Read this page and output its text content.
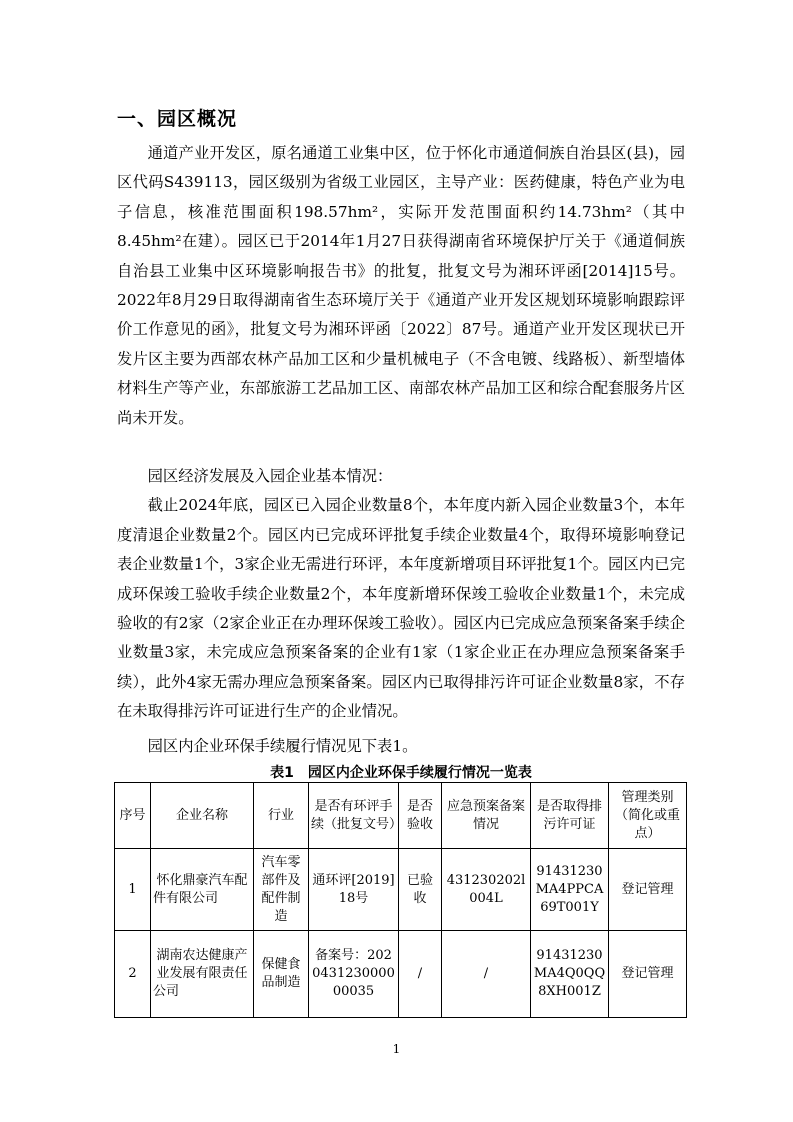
一、园区概况

通道产业开发区，原名通道工业集中区，位于怀化市通道侗族自治县区(县)，园区代码S439113，园区级别为省级工业园区，主导产业：医药健康，特色产业为电子信息，核准范围面积198.57hm²，实际开发范围面积约14.73hm²（其中8.45hm²在建）。园区已于2014年1月27日获得湖南省环境保护厅关于《通道侗族自治县工业集中区环境影响报告书》的批复，批复文号为湘环评函[2014]15号。2022年8月29日取得湖南省生态环境厅关于《通道产业开发区规划环境影响跟踪评价工作意见的函》，批复文号为湘环评函〔2022〕87号。通道产业开发区现状已开发片区主要为西部农林产品加工区和少量机械电子（不含电镀、线路板）、新型墙体材料生产等产业，东部旅游工艺品加工区、南部农林产品加工区和综合配套服务片区尚未开发。

园区经济发展及入园企业基本情况：

截止2024年底，园区已入园企业数量8个，本年度内新入园企业数量3个，本年度清退企业数量2个。园区内已完成环评批复手续企业数量4个，取得环境影响登记表企业数量1个，3家企业无需进行环评，本年度新增项目环评批复1个。园区内已完成环保竣工验收手续企业数量2个，本年度新增环保竣工验收企业数量1个，未完成验收的有2家（2家企业正在办理环保竣工验收）。园区内已完成应急预案备案手续企业数量3家，未完成应急预案备案的企业有1家（1家企业正在办理应急预案备案手续），此外4家无需办理应急预案备案。园区内已取得排污许可证企业数量8家，不存在未取得排污许可证进行生产的企业情况。

园区内企业环保手续履行情况见下表1。

表1　园区内企业环保手续履行情况一览表
序号	企业名称	行业	是否有环评手续（批复文号）	是否验收	应急预案备案情况	是否取得排污许可证	管理类别（简化或重点）
1	怀化鼎豪汽车配件有限公司	汽车零部件及配件制造	通环评[2019]18号	已验收	431230202l004L	91431230MA4PPCA69T001Y	登记管理
2	湖南农达健康产业发展有限责任公司	保健食品制造	备案号：202043123000000035	/	/	91431230MA4Q0QQ8XH001Z	登记管理
1
